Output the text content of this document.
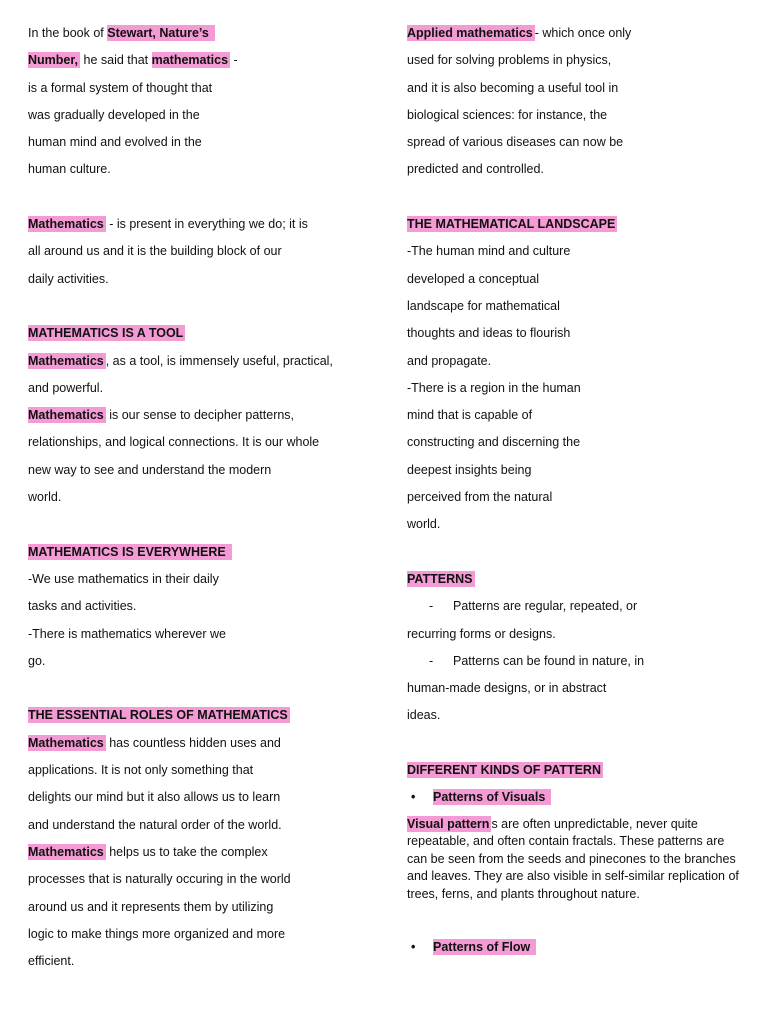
In the book of Stewart, Nature’s
Number, he said that mathematics -
is a formal system of thought that
was gradually developed in the
human mind and evolved in the
human culture.
Mathematics - is present in everything we do; it is
all around us and it is the building block of our
daily activities.
MATHEMATICS IS A TOOL
Mathematics , as a tool, is immensely useful, practical,
and powerful.
Mathematics is our sense to decipher patterns,
relationships, and logical connections. It is our whole
new way to see and understand the modern
world.
MATHEMATICS IS EVERYWHERE
-We use mathematics in their daily
tasks and activities.
-There is mathematics wherever we
go.
THE ESSENTIAL ROLES OF MATHEMATICS
Mathematics has countless hidden uses and
applications. It is not only something that
delights our mind but it also allows us to learn
and understand the natural order of the world.
Mathematics helps us to take the complex
processes that is naturally occuring in the world
around us and it represents them by utilizing
logic to make things more organized and more
efficient.
Applied mathematics - which once only
used for solving problems in physics,
and it is also becoming a useful tool in
biological sciences: for instance, the
spread of various diseases can now be
predicted and controlled.
THE MATHEMATICAL LANDSCAPE
-The human mind and culture
developed a conceptual
landscape for mathematical
thoughts and ideas to flourish
and propagate.
-There is a region in the human
mind that is capable of
constructing and discerning the
deepest insights being
perceived from the natural
world.
PATTERNS
- Patterns are regular, repeated, or
recurring forms or designs.
- Patterns can be found in nature, in
human-made designs, or in abstract
ideas.
DIFFERENT KINDS OF PATTERN
• Patterns of Visuals
Visual pattern s are often unpredictable, never quite repeatable, and often contain fractals. These patterns are can be seen from the seeds and pinecones to the branches and leaves. They are also visible in self-similar replication of trees, ferns, and plants throughout nature.
• Patterns of Flow
